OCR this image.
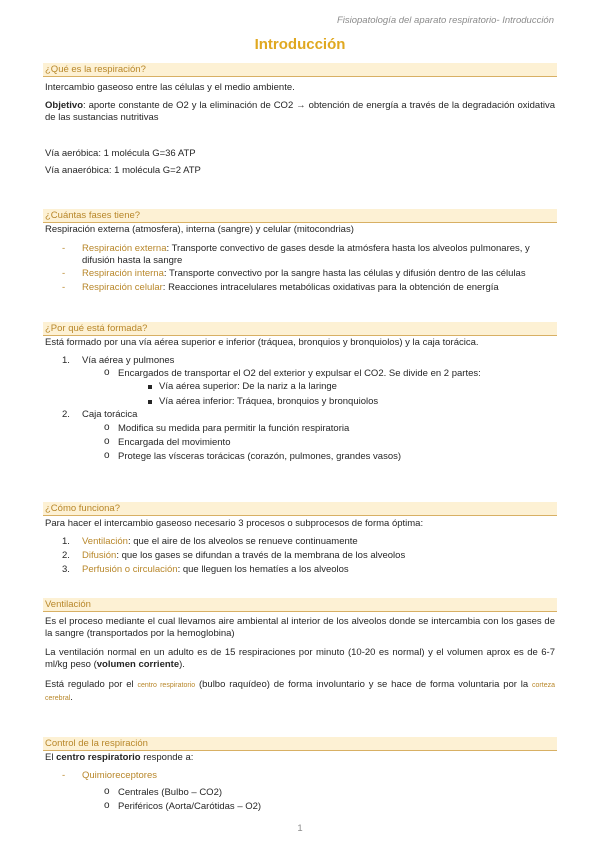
Fisiopatología del aparato respiratorio- Introducción
Introducción
¿Qué es la respiración?
Intercambio gaseoso entre las células y el medio ambiente.
Objetivo: aporte constante de O2 y la eliminación de CO2 → obtención de energía a través de la degradación oxidativa de las sustancias nutritivas
Vía aeróbica: 1 molécula G=36 ATP
Vía anaeróbica: 1 molécula G=2 ATP
¿Cuántas fases tiene?
Respiración externa (atmosfera), interna (sangre) y celular (mitocondrias)
- Respiración externa: Transporte convectivo de gases desde la atmósfera hasta los alveolos pulmonares, y difusión hasta la sangre
- Respiración interna: Transporte convectivo por la sangre hasta las células y difusión dentro de las células
- Respiración celular: Reacciones intracelulares metabólicas oxidativas para la obtención de energía
¿Por qué está formada?
Está formado por una vía aérea superior e inferior (tráquea, bronquios y bronquiolos) y la caja torácica.
1. Vía aérea y pulmones
o Encargados de transportar el O2 del exterior y expulsar el CO2. Se divide en 2 partes:
Vía aérea superior: De la nariz a la laringe
Vía aérea inferior: Tráquea, bronquios y bronquiolos
2. Caja torácica
o Modifica su medida para permitir la función respiratoria
o Encargada del movimiento
o Protege las vísceras torácicas (corazón, pulmones, grandes vasos)
¿Cómo funciona?
Para hacer el intercambio gaseoso necesario 3 procesos o subprocesos de forma óptima:
1. Ventilación: que el aire de los alveolos se renueve continuamente
2. Difusión: que los gases se difundan a través de la membrana de los alveolos
3. Perfusión o circulación: que lleguen los hematíes a los alveolos
Ventilación
Es el proceso mediante el cual llevamos aire ambiental al interior de los alveolos donde se intercambia con los gases de la sangre (transportados por la hemoglobina)
La ventilación normal en un adulto es de 15 respiraciones por minuto (10-20 es normal) y el volumen aprox es de 6-7 ml/kg peso (volumen corriente).
Está regulado por el centro respiratorio (bulbo raquídeo) de forma involuntario y se hace de forma voluntaria por la corteza cerebral.
Control de la respiración
El centro respiratorio responde a:
- Quimioreceptores
o Centrales (Bulbo – CO2)
o Periféricos (Aorta/Carótidas – O2)
1
